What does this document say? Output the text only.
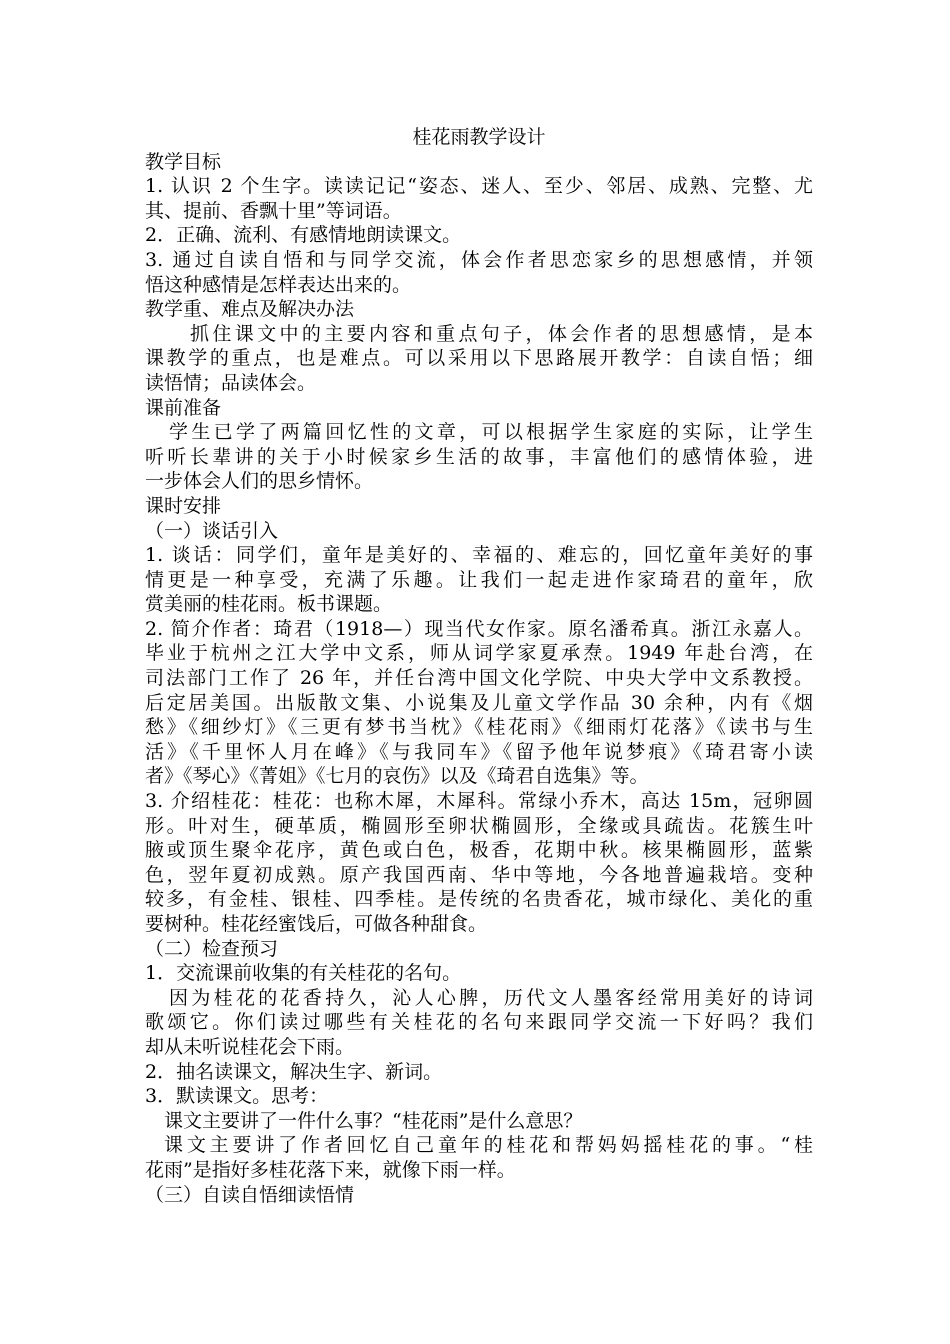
桂花雨教学设计
教学目标
1. 认识 2 个生字。读读记记“姿态、迷人、至少、邻居、成熟、完整、尤
其、提前、香飘十里”等词语。
2．正确、流利、有感情地朗读课文。
3. 通过自读自悟和与同学交流，体会作者思恋家乡的思想感情，并领
悟这种感情是怎样表达出来的。
教学重、难点及解决办法
抓住课文中的主要内容和重点句子，体会作者的思想感情，是本
课教学的重点，也是难点。可以采用以下思路展开教学：自读自悟；细
读悟情；品读体会。
课前准备
学生已学了两篇回忆性的文章，可以根据学生家庭的实际，让学生
听听长辈讲的关于小时候家乡生活的故事，丰富他们的感情体验，进
一步体会人们的思乡情怀。
课时安排
（一）谈话引入
1. 谈话：同学们，童年是美好的、幸福的、难忘的，回忆童年美好的事
情更是一种享受，充满了乐趣。让我们一起走进作家琦君的童年，欣
赏美丽的桂花雨。板书课题。
2. 简介作者：琦君（1918—）现当代女作家。原名潘希真。浙江永嘉人。
毕业于杭州之江大学中文系，师从词学家夏承焘。1949 年赴台湾，在
司法部门工作了 26 年，并任台湾中国文化学院、中央大学中文系教授。
后定居美国。出版散文集、小说集及儿童文学作品 30 余种，内有《烟
愁》《细纱灯》《三更有梦书当枕》《桂花雨》《细雨灯花落》《读书与生
活》《千里怀人月在峰》《与我同车》《留予他年说梦痕》《琦君寄小读
者》《琴心》《菁姐》《七月的哀伤》以及《琦君自选集》等。
3. 介绍桂花：桂花：也称木犀，木犀科。常绿小乔木，高达 15m，冠卵圆
形。叶对生，硬革质，椭圆形至卵状椭圆形，全缘或具疏齿。花簇生叶
腋或顶生聚伞花序，黄色或白色，极香，花期中秋。核果椭圆形，蓝紫
色，翌年夏初成熟。原产我国西南、华中等地，今各地普遍栽培。变种
较多，有金桂、银桂、四季桂。是传统的名贵香花，城市绿化、美化的重
要树种。桂花经蜜饯后，可做各种甜食。
（二）检查预习
1．交流课前收集的有关桂花的名句。
因为桂花的花香持久，沁人心脾，历代文人墨客经常用美好的诗词
歌颂它。你们读过哪些有关桂花的名句来跟同学交流一下好吗？我们
却从未听说桂花会下雨。
2．抽名读课文，解决生字、新词。
3．默读课文。思考：
课文主要讲了一件什么事？“桂花雨”是什么意思？
课文主要讲了作者回忆自己童年的桂花和帮妈妈摇桂花的事。“桂
花雨”是指好多桂花落下来，就像下雨一样。
（三）自读自悟细读悟情
